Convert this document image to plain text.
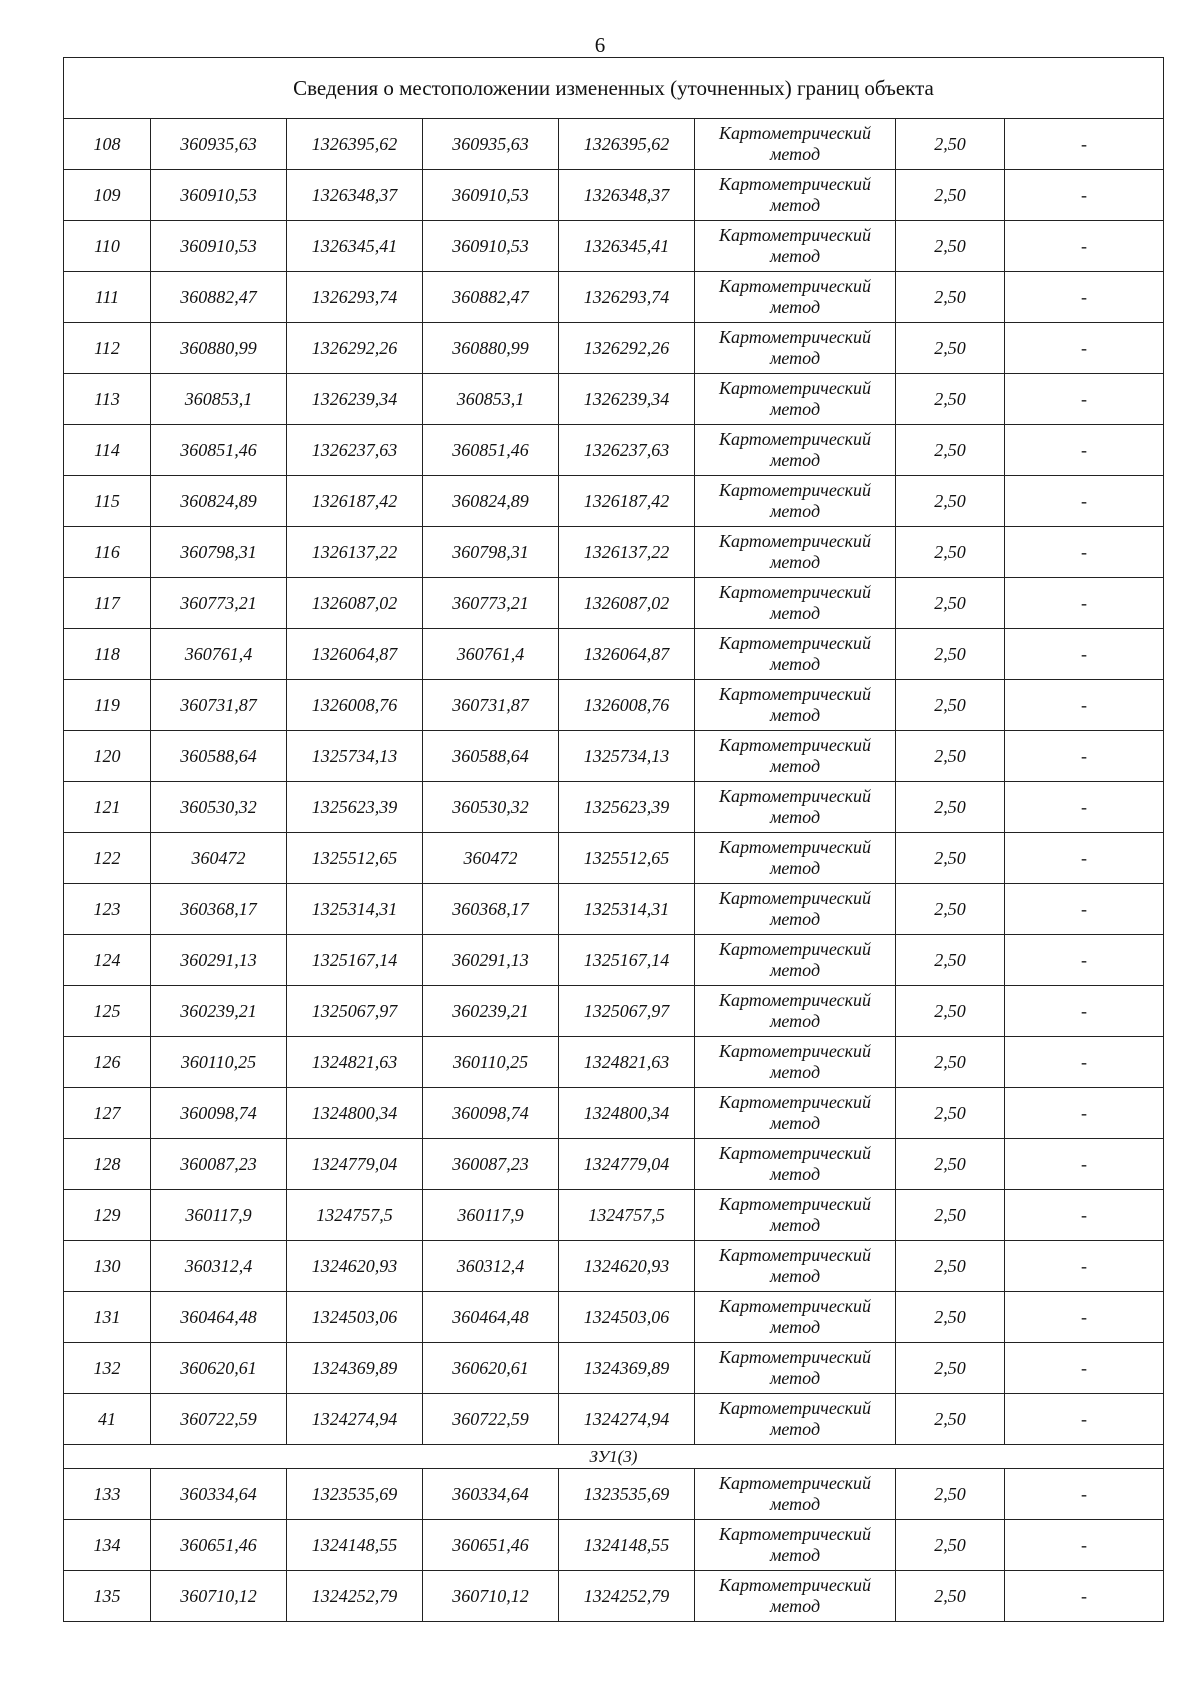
6
Сведения о местоположении измененных (уточненных) границ объекта							
108	360935,63	1326395,62	360935,63	1326395,62	Картометрический
метод	2,50	-
109	360910,53	1326348,37	360910,53	1326348,37	Картометрический
метод	2,50	-
110	360910,53	1326345,41	360910,53	1326345,41	Картометрический
метод	2,50	-
111	360882,47	1326293,74	360882,47	1326293,74	Картометрический
метод	2,50	-
112	360880,99	1326292,26	360880,99	1326292,26	Картометрический
метод	2,50	-
113	360853,1	1326239,34	360853,1	1326239,34	Картометрический
метод	2,50	-
114	360851,46	1326237,63	360851,46	1326237,63	Картометрический
метод	2,50	-
115	360824,89	1326187,42	360824,89	1326187,42	Картометрический
метод	2,50	-
116	360798,31	1326137,22	360798,31	1326137,22	Картометрический
метод	2,50	-
117	360773,21	1326087,02	360773,21	1326087,02	Картометрический
метод	2,50	-
118	360761,4	1326064,87	360761,4	1326064,87	Картометрический
метод	2,50	-
119	360731,87	1326008,76	360731,87	1326008,76	Картометрический
метод	2,50	-
120	360588,64	1325734,13	360588,64	1325734,13	Картометрический
метод	2,50	-
121	360530,32	1325623,39	360530,32	1325623,39	Картометрический
метод	2,50	-
122	360472	1325512,65	360472	1325512,65	Картометрический
метод	2,50	-
123	360368,17	1325314,31	360368,17	1325314,31	Картометрический
метод	2,50	-
124	360291,13	1325167,14	360291,13	1325167,14	Картометрический
метод	2,50	-
125	360239,21	1325067,97	360239,21	1325067,97	Картометрический
метод	2,50	-
126	360110,25	1324821,63	360110,25	1324821,63	Картометрический
метод	2,50	-
127	360098,74	1324800,34	360098,74	1324800,34	Картометрический
метод	2,50	-
128	360087,23	1324779,04	360087,23	1324779,04	Картометрический
метод	2,50	-
129	360117,9	1324757,5	360117,9	1324757,5	Картометрический
метод	2,50	-
130	360312,4	1324620,93	360312,4	1324620,93	Картометрический
метод	2,50	-
131	360464,48	1324503,06	360464,48	1324503,06	Картометрический
метод	2,50	-
132	360620,61	1324369,89	360620,61	1324369,89	Картометрический
метод	2,50	-
41	360722,59	1324274,94	360722,59	1324274,94	Картометрический
метод	2,50	-
ЗУ1(3)							
133	360334,64	1323535,69	360334,64	1323535,69	Картометрический
метод	2,50	-
134	360651,46	1324148,55	360651,46	1324148,55	Картометрический
метод	2,50	-
135	360710,12	1324252,79	360710,12	1324252,79	Картометрический
метод	2,50	-
